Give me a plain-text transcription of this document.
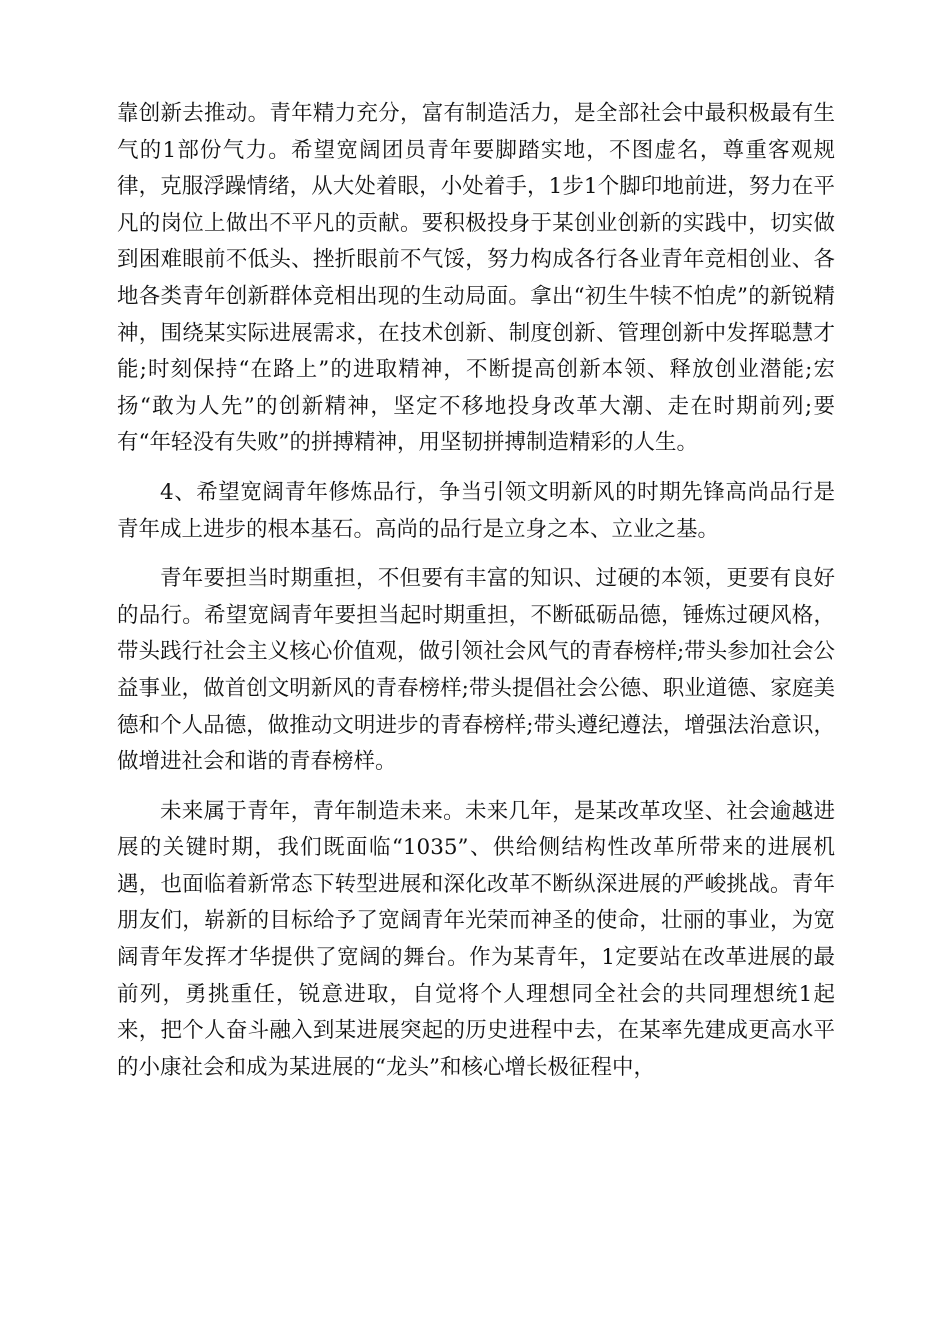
靠创新去推动。青年精力充分，富有制造活力，是全部社会中最积极最有生气的1部份气力。希望宽阔团员青年要脚踏实地，不图虚名，尊重客观规律，克服浮躁情绪，从大处着眼，小处着手，1步1个脚印地前进，努力在平凡的岗位上做出不平凡的贡献。要积极投身于某创业创新的实践中，切实做到困难眼前不低头、挫折眼前不气馁，努力构成各行各业青年竞相创业、各地各类青年创新群体竞相出现的生动局面。拿出“初生牛犊不怕虎”的新锐精神，围绕某实际进展需求，在技术创新、制度创新、管理创新中发挥聪慧才能;时刻保持“在路上”的进取精神，不断提高创新本领、释放创业潜能;宏扬“敢为人先”的创新精神，坚定不移地投身改革大潮、走在时期前列;要有“年轻没有失败”的拼搏精神，用坚韧拼搏制造精彩的人生。

4、希望宽阔青年修炼品行，争当引领文明新风的时期先锋高尚品行是青年成上进步的根本基石。高尚的品行是立身之本、立业之基。

青年要担当时期重担，不但要有丰富的知识、过硬的本领，更要有良好的品行。希望宽阔青年要担当起时期重担，不断砥砺品德，锤炼过硬风格，带头践行社会主义核心价值观，做引领社会风气的青春榜样;带头参加社会公益事业，做首创文明新风的青春榜样;带头提倡社会公德、职业道德、家庭美德和个人品德，做推动文明进步的青春榜样;带头遵纪遵法，增强法治意识，做增进社会和谐的青春榜样。

未来属于青年，青年制造未来。未来几年，是某改革攻坚、社会逾越进展的关键时期，我们既面临“1035”、供给侧结构性改革所带来的进展机遇，也面临着新常态下转型进展和深化改革不断纵深进展的严峻挑战。青年朋友们，崭新的目标给予了宽阔青年光荣而神圣的使命，壮丽的事业，为宽阔青年发挥才华提供了宽阔的舞台。作为某青年，1定要站在改革进展的最前列，勇挑重任，锐意进取，自觉将个人理想同全社会的共同理想统1起来，把个人奋斗融入到某进展突起的历史进程中去，在某率先建成更高水平的小康社会和成为某进展的“龙头”和核心增长极征程中，
